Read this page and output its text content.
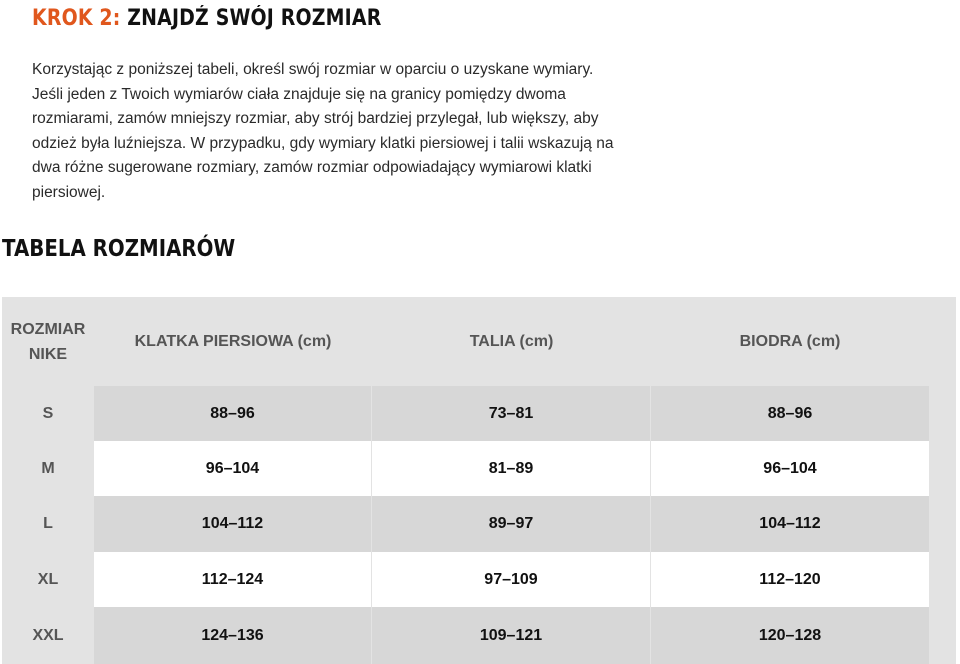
KROK 2: ZNAJDŹ SWÓJ ROZMIAR

Korzystając z poniższej tabeli, określ swój rozmiar w oparciu o uzyskane wymiary.
Jeśli jeden z Twoich wymiarów ciała znajduje się na granicy pomiędzy dwoma
rozmiarami, zamów mniejszy rozmiar, aby strój bardziej przylegał, lub większy, aby
odzież była luźniejsza. W przypadku, gdy wymiary klatki piersiowej i talii wskazują na
dwa różne sugerowane rozmiary, zamów rozmiar odpowiadający wymiarowi klatki
piersiowej.

TABELA ROZMIARÓW
ROZMIAR
NIKE
KLATKA PIERSIOWA (cm)	TALIA (cm)	BIODRA (cm)
S	88–96	73–81	88–96
M	96–104	81–89	96–104
L	104–112	89–97	104–112
XL	112–124	97–109	112–120
XXL	124–136	109–121	120–128
